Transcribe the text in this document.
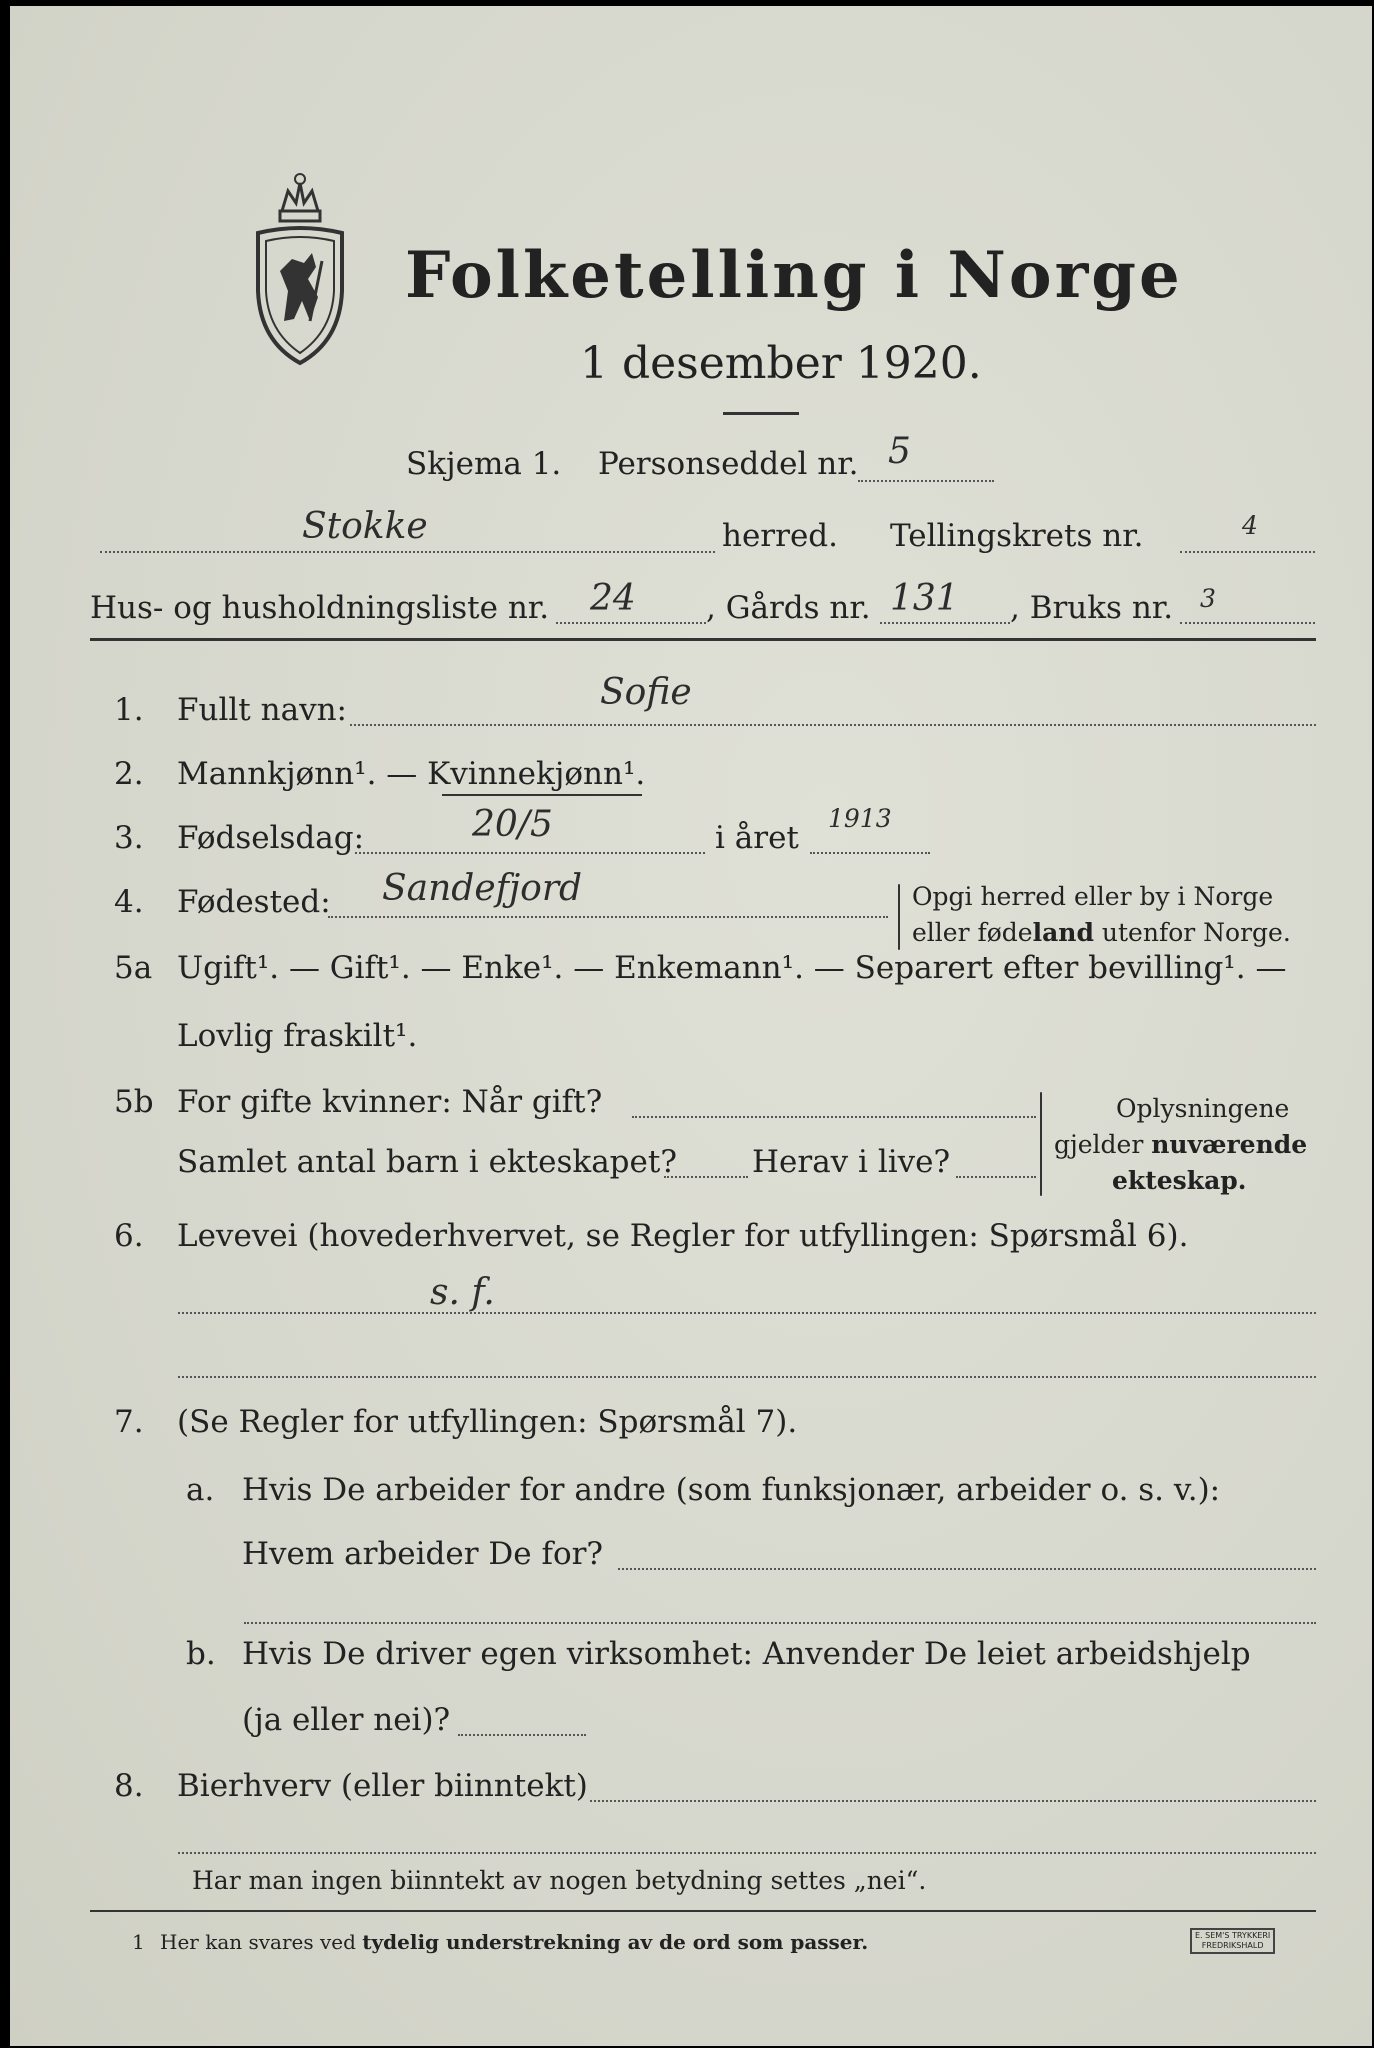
Folketelling i Norge
1 desember 1920.
Skjema 1. Personseddel nr. 5
Stokke	herred. Tellingskrets nr.	4
Hus- og husholdningsliste nr. 24 , Gårds nr. 131 , Bruks nr. 3
1. Fullt navn:	Sofie
2. Mannkjønn¹. — Kvinnekjønn¹.
3. Fødselsdag:	20/5	i året
1913
4. Fødested: Sandefjord	Opgi herred eller by i Norge
eller fødeland utenfor Norge.
5a Ugift¹. — Gift¹. — Enke¹. — Enkemann¹. — Separert efter bevilling¹. —
Lovlig fraskilt¹.
5b For gifte kvinner: Når gift?
Samlet antal barn i ekteskapet? Herav i live?
Oplysningene
gjelder nuværende
ekteskap.
6. Levevei (hovederhvervet, se Regler for utfyllingen: Spørsmål 6).
s. f.
7. (Se Regler for utfyllingen: Spørsmål 7).
a. Hvis De arbeider for andre (som funksjonær, arbeider o. s. v.):
Hvem arbeider De for?
b. Hvis De driver egen virksomhet: Anvender De leiet arbeidshjelp
(ja eller nei)?
8. Bierhverv (eller biinntekt)
Har man ingen biinntekt av nogen betydning settes „nei“.
1 Her kan svares ved tydelig understrekning av de ord som passer.	E. SEM'S TRYKKERI
FREDRIKSHALD
